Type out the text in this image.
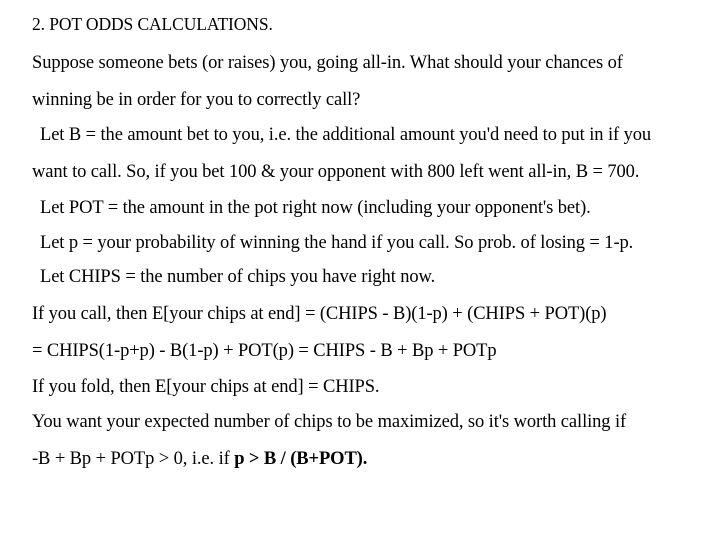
2. POT ODDS CALCULATIONS.
Suppose someone bets (or raises) you, going all-in. What should your chances of
winning be in order for you to correctly call?
Let B = the amount bet to you, i.e. the additional amount you'd need to put in if you
want to call. So, if you bet 100 & your opponent with 800 left went all-in, B = 700.
Let POT = the amount in the pot right now (including your opponent's bet).
Let p = your probability of winning the hand if you call. So prob. of losing = 1-p.
Let CHIPS = the number of chips you have right now.
If you call, then E[your chips at end] = (CHIPS - B)(1-p) + (CHIPS + POT)(p)
= CHIPS(1-p+p) - B(1-p) + POT(p) = CHIPS - B + Bp + POTp
If you fold, then E[your chips at end] = CHIPS.
You want your expected number of chips to be maximized, so it's worth calling if
-B + Bp + POTp > 0, i.e. if p > B / (B+POT).
